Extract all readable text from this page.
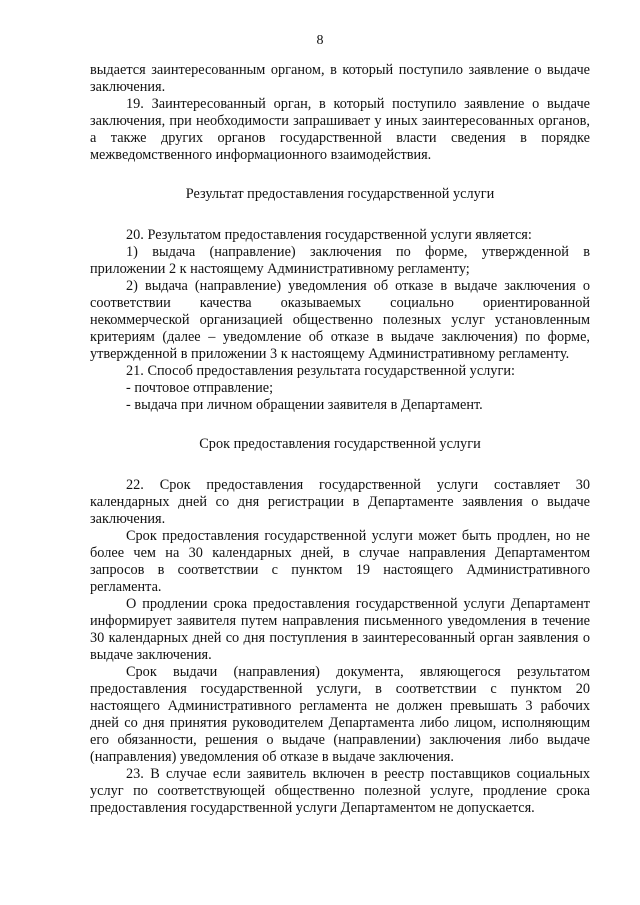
8

выдается заинтересованным органом, в который поступило заявление о выдаче заключения.

19. Заинтересованный орган, в который поступило заявление о выдаче заключения, при необходимости запрашивает у иных заинтересованных органов, а также других органов государственной власти сведения в порядке межведомственного информационного взаимодействия.

Результат предоставления государственной услуги

20. Результатом предоставления государственной услуги является:

1) выдача (направление) заключения по форме, утвержденной в приложении 2 к настоящему Административному регламенту;

2) выдача (направление) уведомления об отказе в выдаче заключения о соответствии качества оказываемых социально ориентированной некоммерческой организацией общественно полезных услуг установленным критериям (далее – уведомление об отказе в выдаче заключения) по форме, утвержденной в приложении 3 к настоящему Административному регламенту.

21. Способ предоставления результата государственной услуги:

- почтовое отправление;

- выдача при личном обращении заявителя в Департамент.

Срок предоставления государственной услуги

22. Срок предоставления государственной услуги составляет 30 календарных дней со дня регистрации в Департаменте заявления о выдаче заключения.

Срок предоставления государственной услуги может быть продлен, но не более чем на 30 календарных дней, в случае направления Департаментом запросов в соответствии с пунктом 19 настоящего Административного регламента.

О продлении срока предоставления государственной услуги Департамент информирует заявителя путем направления письменного уведомления в течение 30 календарных дней со дня поступления в заинтересованный орган заявления о выдаче заключения.

Срок выдачи (направления) документа, являющегося результатом предоставления государственной услуги, в соответствии с пунктом 20 настоящего Административного регламента не должен превышать 3 рабочих дней со дня принятия руководителем Департамента либо лицом, исполняющим его обязанности, решения о выдаче (направлении) заключения либо выдаче (направления) уведомления об отказе в выдаче заключения.

23. В случае если заявитель включен в реестр поставщиков социальных услуг по соответствующей общественно полезной услуге, продление срока предоставления государственной услуги Департаментом не допускается.
